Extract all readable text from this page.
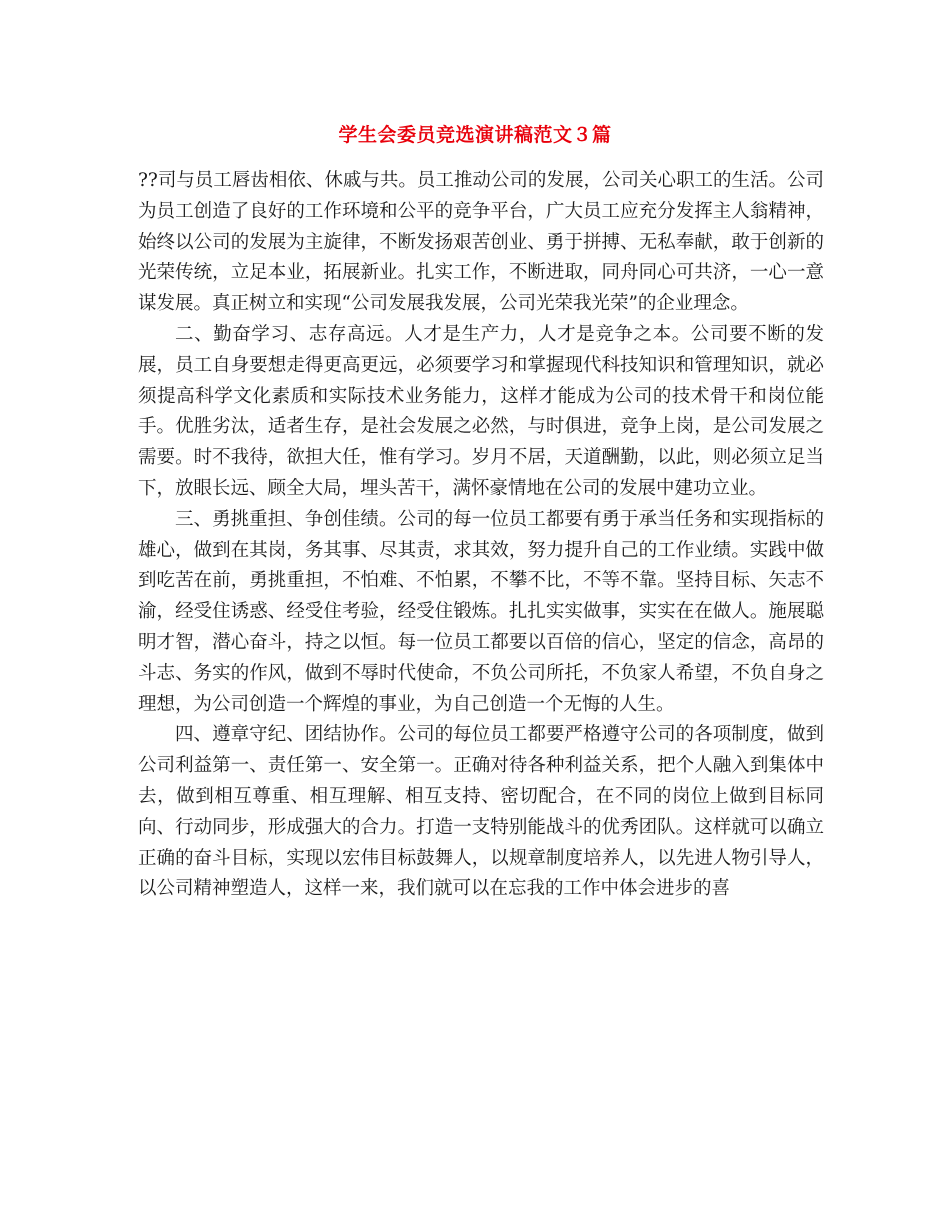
学生会委员竞选演讲稿范文３篇

??司与员工唇齿相依、休戚与共。员工推动公司的发展，公司关心职工的生活。公司为员工创造了良好的工作环境和公平的竞争平台，广大员工应充分发挥主人翁精神，始终以公司的发展为主旋律，不断发扬艰苦创业、勇于拼搏、无私奉献，敢于创新的光荣传统，立足本业，拓展新业。扎实工作，不断进取，同舟同心可共济，一心一意谋发展。真正树立和实现“公司发展我发展，公司光荣我光荣”的企业理念。

二、勤奋学习、志存高远。人才是生产力，人才是竞争之本。公司要不断的发展，员工自身要想走得更高更远，必须要学习和掌握现代科技知识和管理知识，就必须提高科学文化素质和实际技术业务能力，这样才能成为公司的技术骨干和岗位能手。优胜劣汰，适者生存，是社会发展之必然，与时俱进，竞争上岗，是公司发展之需要。时不我待，欲担大任，惟有学习。岁月不居，天道酬勤，以此，则必须立足当下，放眼长远、顾全大局，埋头苦干，满怀豪情地在公司的发展中建功立业。

三、勇挑重担、争创佳绩。公司的每一位员工都要有勇于承当任务和实现指标的雄心，做到在其岗，务其事、尽其责，求其效，努力提升自己的工作业绩。实践中做到吃苦在前，勇挑重担，不怕难、不怕累，不攀不比，不等不靠。坚持目标、矢志不渝，经受住诱惑、经受住考验，经受住锻炼。扎扎实实做事，实实在在做人。施展聪明才智，潜心奋斗，持之以恒。每一位员工都要以百倍的信心，坚定的信念，高昂的斗志、务实的作风，做到不辱时代使命，不负公司所托，不负家人希望，不负自身之理想，为公司创造一个辉煌的事业，为自己创造一个无悔的人生。

四、遵章守纪、团结协作。公司的每位员工都要严格遵守公司的各项制度，做到公司利益第一、责任第一、安全第一。正确对待各种利益关系，把个人融入到集体中去，做到相互尊重、相互理解、相互支持、密切配合，在不同的岗位上做到目标同向、行动同步，形成强大的合力。打造一支特别能战斗的优秀团队。这样就可以确立正确的奋斗目标，实现以宏伟目标鼓舞人，以规章制度培养人，以先进人物引导人，以公司精神塑造人，这样一来，我们就可以在忘我的工作中体会进步的喜
